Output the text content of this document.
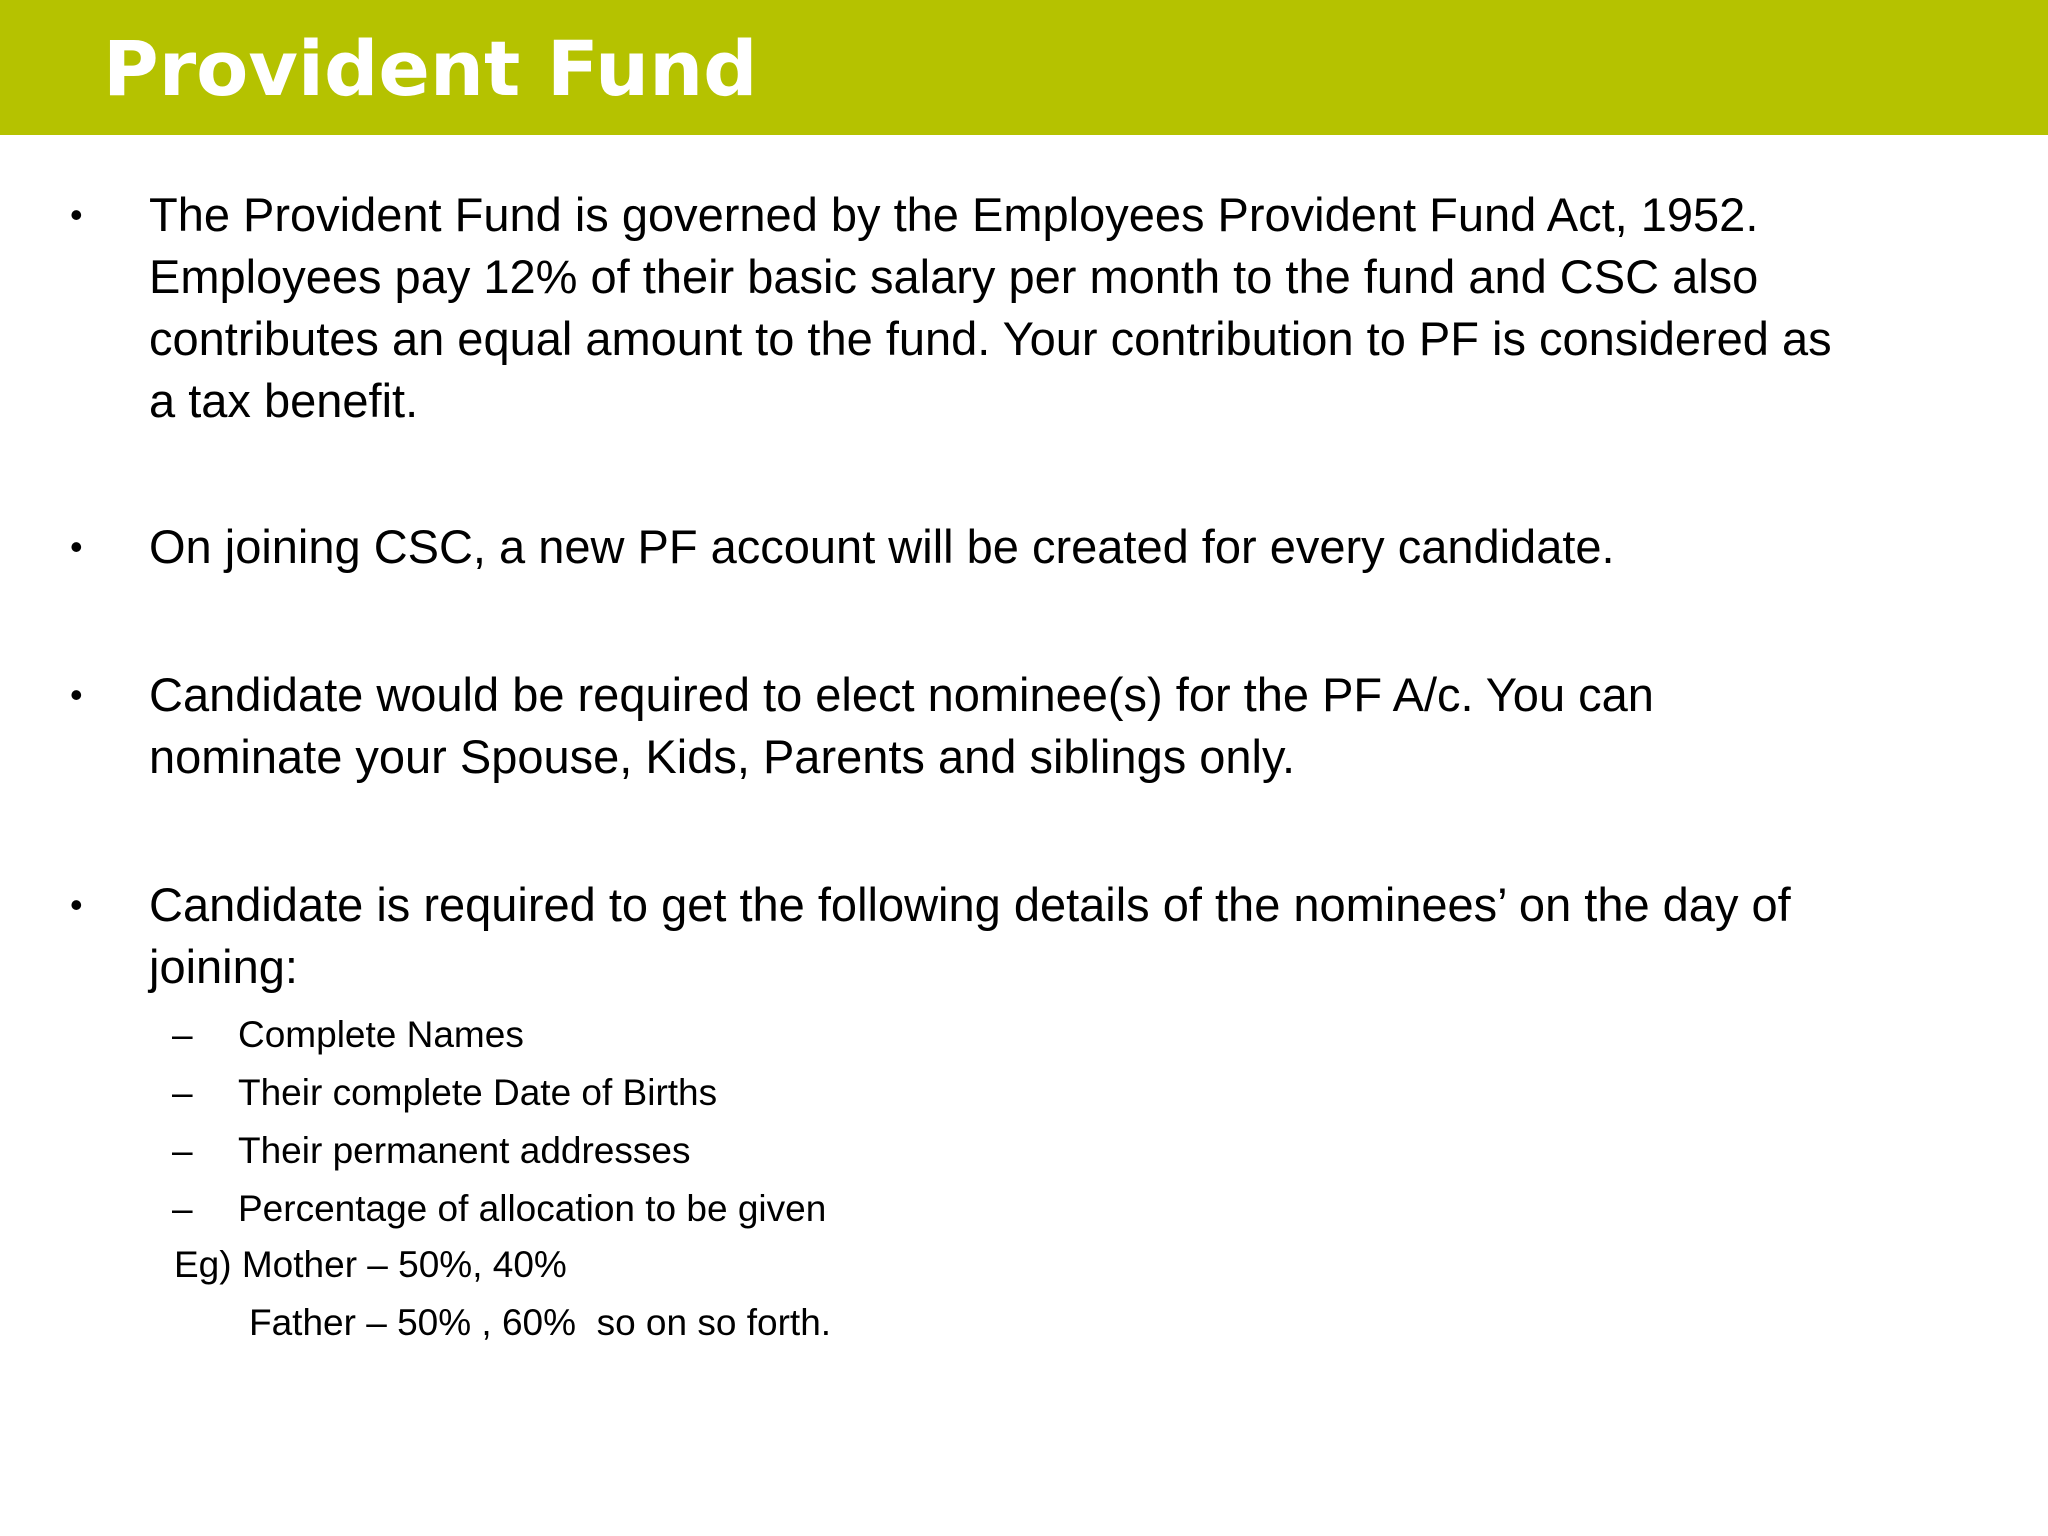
Provident Fund
• The Provident Fund is governed by the Employees Provident Fund Act, 1952.
Employees pay 12% of their basic salary per month to the fund and CSC also
contributes an equal amount to the fund. Your contribution to PF is considered as
a tax benefit.
• On joining CSC, a new PF account will be created for every candidate.
• Candidate would be required to elect nominee(s) for the PF A/c. You can
nominate your Spouse, Kids, Parents and siblings only.
• Candidate is required to get the following details of the nominees’ on the day of
joining:
– Complete Names
– Their complete Date of Births
– Their permanent addresses
– Percentage of allocation to be given
Eg) Mother – 50%, 40%
Father – 50% , 60%  so on so forth.
